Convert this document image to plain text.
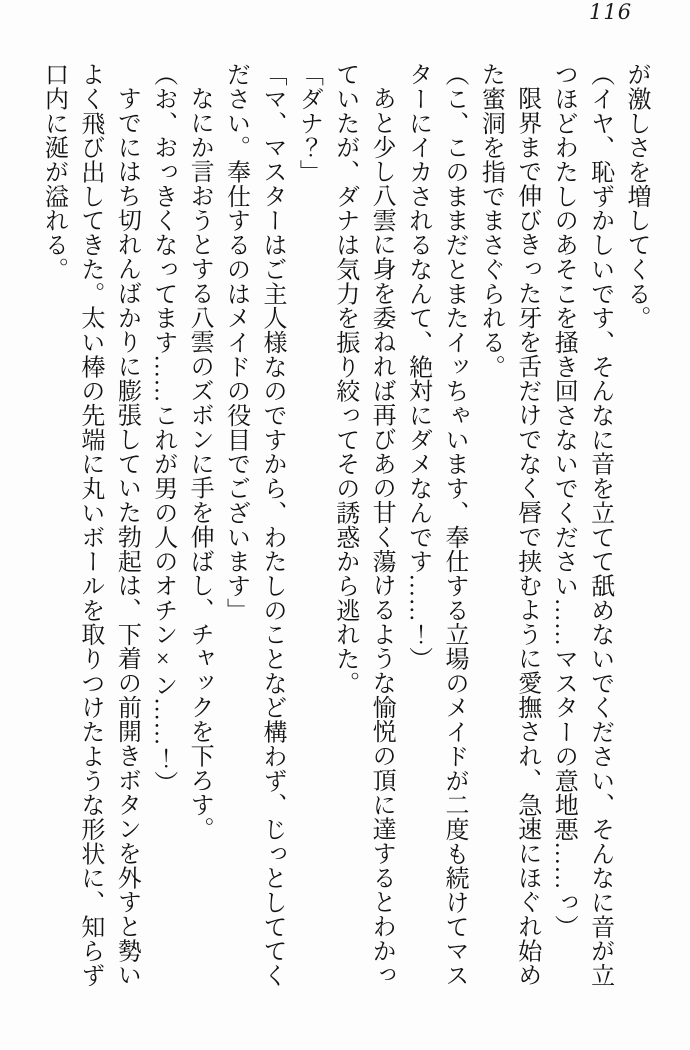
116

が激しさを増してくる。

（イヤ、恥ずかしいです、そんなに音を立てて舐めないでください、そんなに音が立

つほどわたしのあそこを掻き回さないでください……マスターの意地悪……っ）

限界まで伸びきった牙を舌だけでなく唇で挟むように愛撫され、急速にほぐれ始め

た蜜洞を指でまさぐられる。

（こ、このままだとまたイッちゃいます、奉仕する立場のメイドが二度も続けてマス

ターにイカされるなんて、絶対にダメなんです……！）

あと少し八雲に身を委ねれば再びあの甘く蕩けるような愉悦の頂に達するとわかっ

ていたが、ダナは気力を振り絞ってその誘惑から逃れた。

「ダナ？」

「マ、マスターはご主人様なのですから、わたしのことなど構わず、じっとしててく

ださい。奉仕するのはメイドの役目でございます」

なにか言おうとする八雲のズボンに手を伸ばし、チャックを下ろす。

（お、おっきくなってます……これが男の人のオチン×ン……！）

すでにはち切れんばかりに膨張していた勃起は、下着の前開きボタンを外すと勢い

よく飛び出してきた。太い棒の先端に丸いボールを取りつけたような形状に、知らず

口内に涎が溢れる。
